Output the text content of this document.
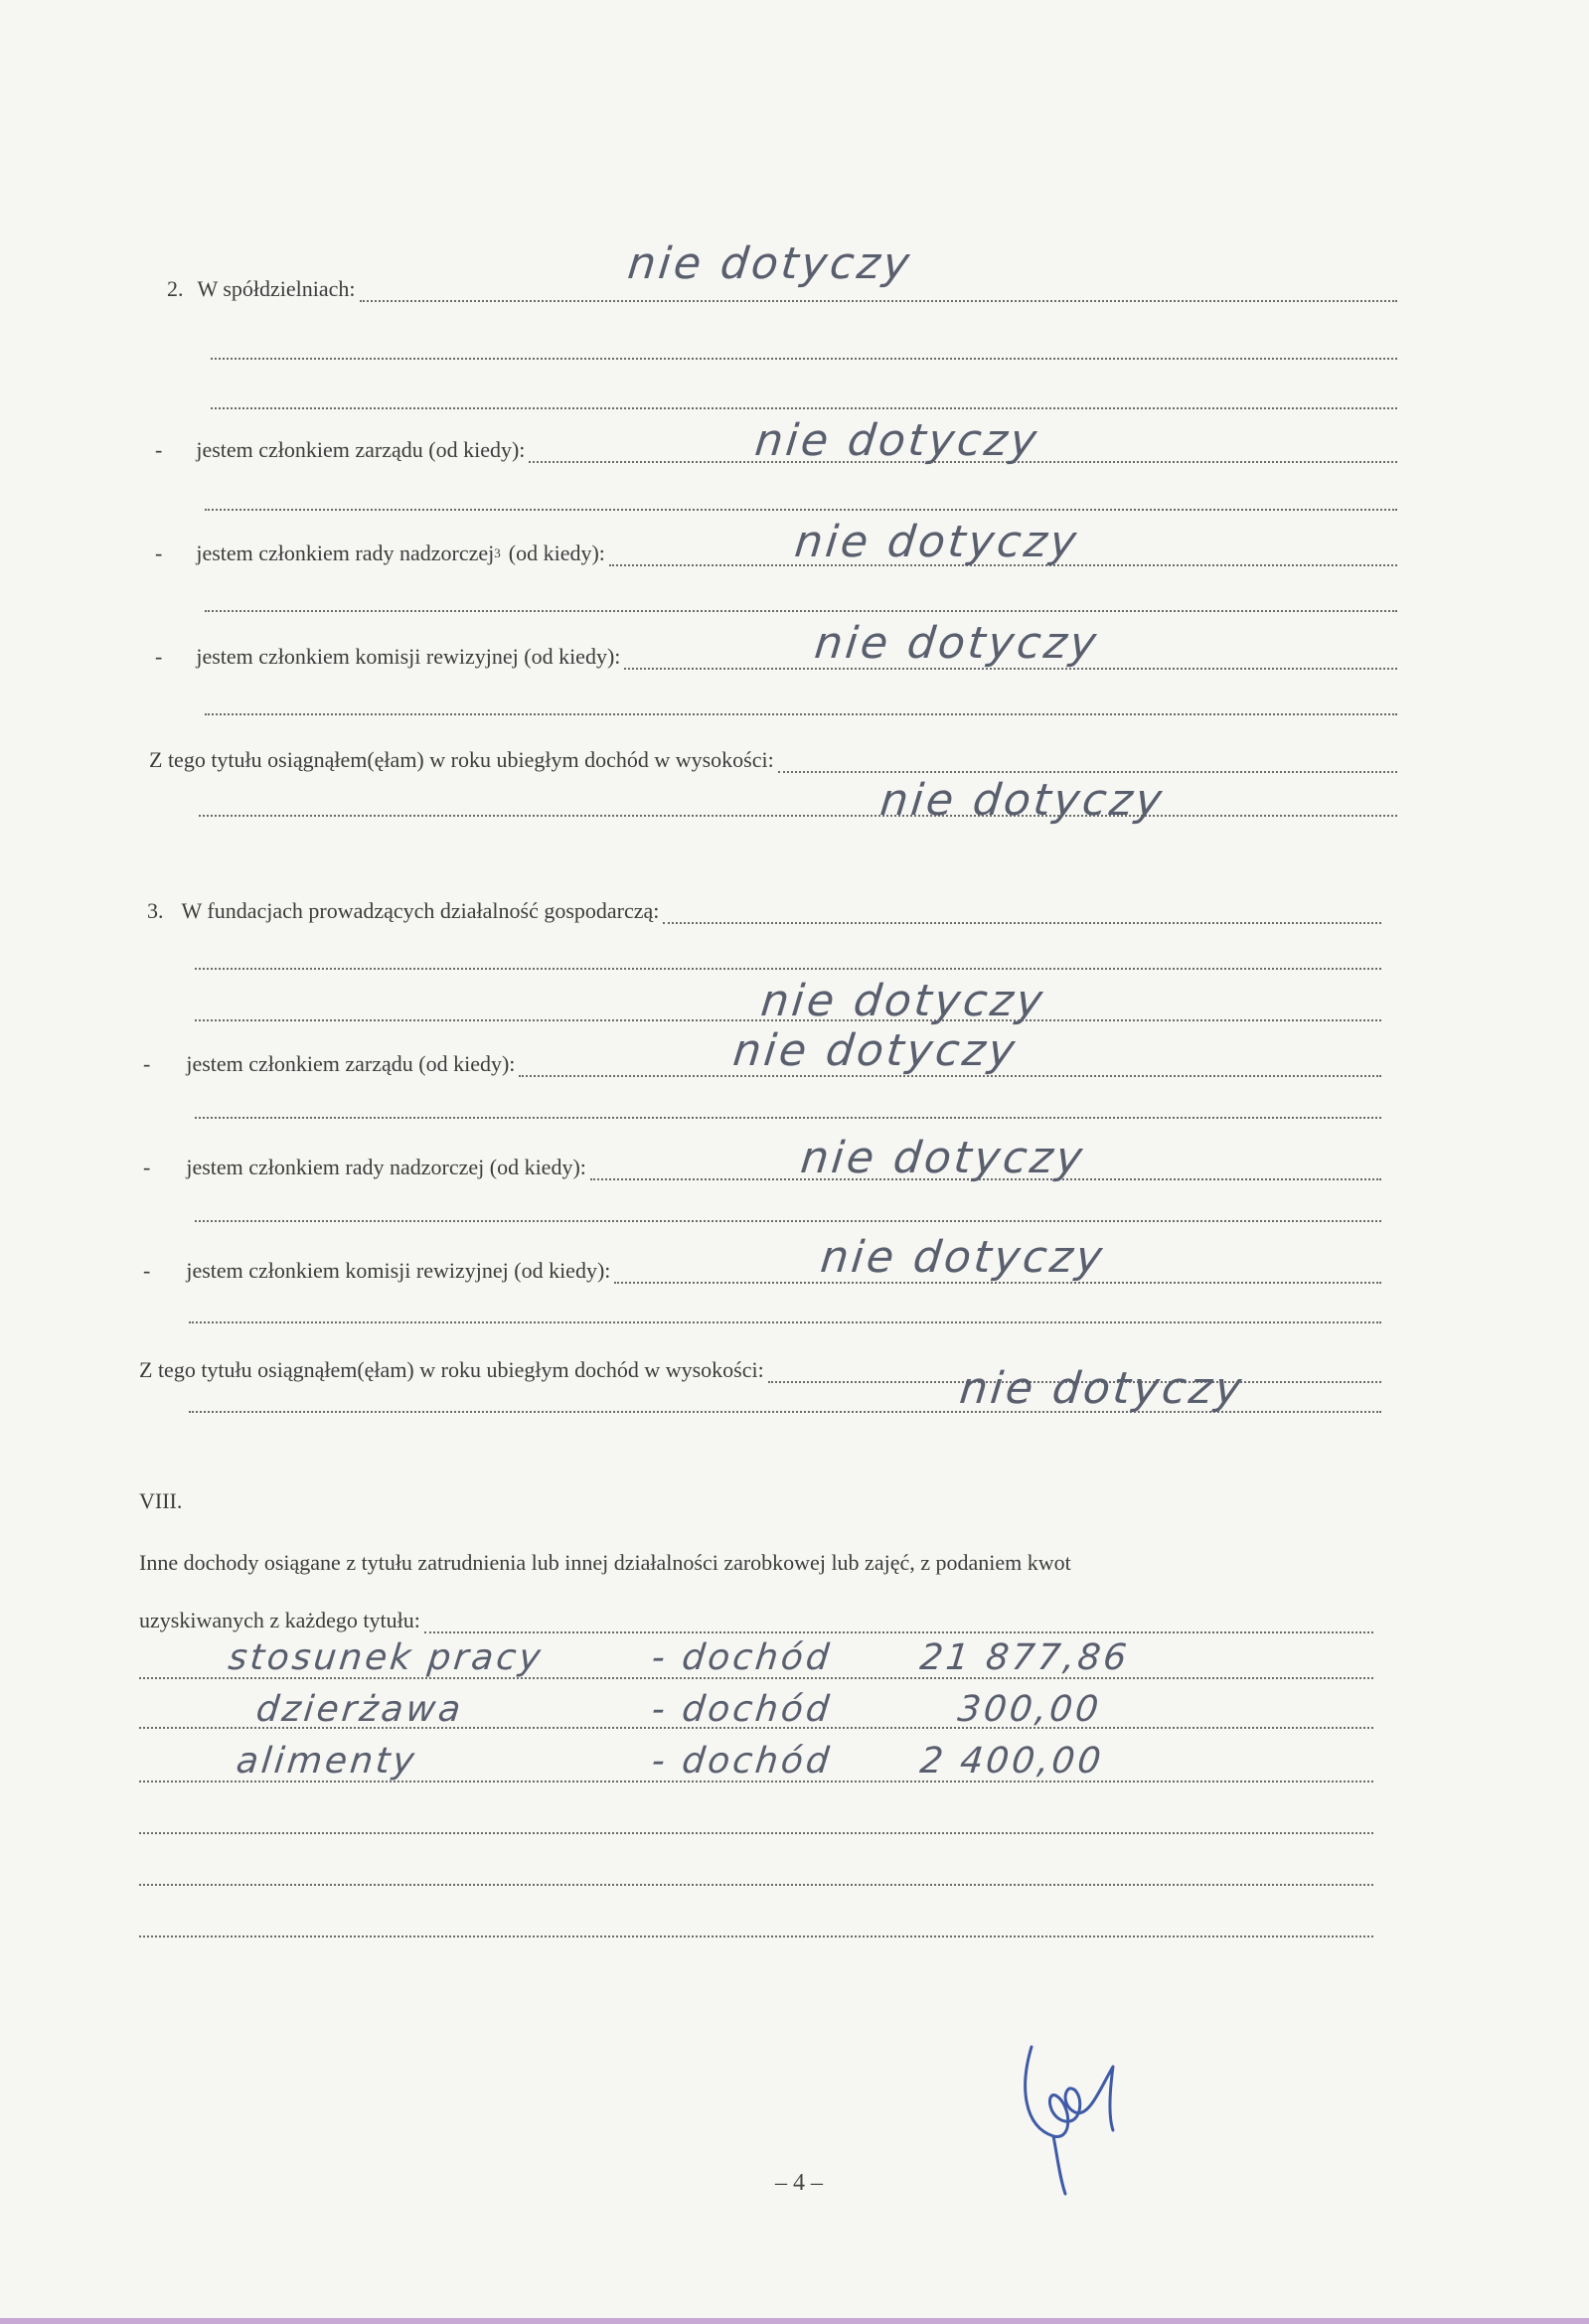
2. W spółdzielniach:	nie dotyczy
- jestem członkiem zarządu (od kiedy):	nie dotyczy
- jestem członkiem rady nadzorczej 3 (od kiedy):	nie dotyczy
- jestem członkiem komisji rewizyjnej (od kiedy):	nie dotyczy
Z tego tytułu osiągnąłem(ęłam) w roku ubiegłym dochód w wysokości:
nie dotyczy
3. W fundacjach prowadzących działalność gospodarczą:
nie dotyczy
- jestem członkiem zarządu (od kiedy):	nie dotyczy
- jestem członkiem rady nadzorczej (od kiedy):	nie dotyczy
- jestem członkiem komisji rewizyjnej (od kiedy):	nie dotyczy
Z tego tytułu osiągnąłem(ęłam) w roku ubiegłym dochód w wysokości:	nie dotyczy
VIII.
Inne dochody osiągane z tytułu zatrudnienia lub innej działalności zarobkowej lub zajęć, z podaniem kwot
uzyskiwanych z każdego tytułu:
stosunek pracy	- dochód 21 877,86
dzierżawa	- dochód	300,00
alimenty	- dochód 2 400,00
– 4 –
